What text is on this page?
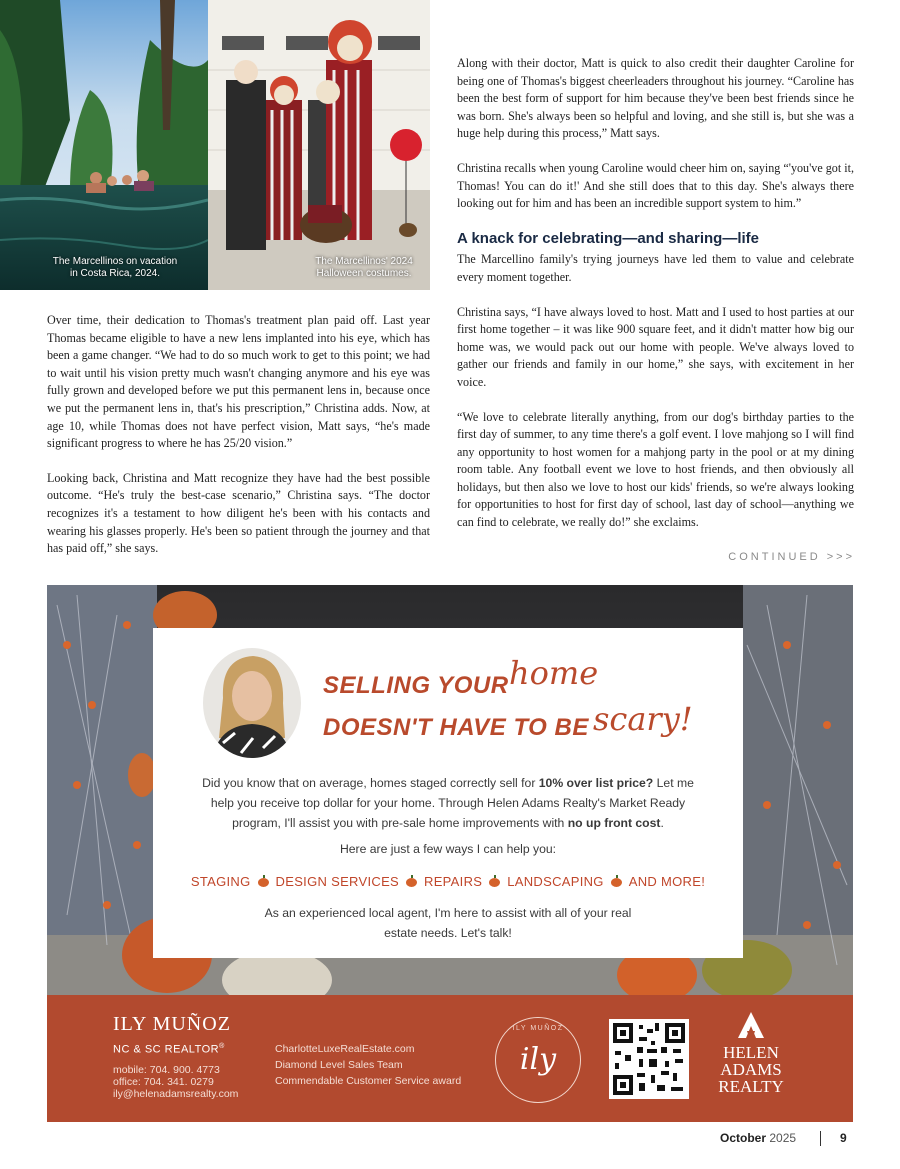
The Marcellinos on vacation
in Costa Rica, 2024.
The Marcellinos' 2024
Halloween costumes.

Over time, their dedication to Thomas's treatment plan paid off. Last year Thomas became eligible to have a new lens implanted into his eye, which has been a game changer. “We had to do so much work to get to this point; we had to wait until his vision pretty much wasn't changing anymore and his eye was fully grown and developed before we put this permanent lens in, because once we put the permanent lens in, that's his prescription,” Christina adds. Now, at age 10, while Thomas does not have perfect vision, Matt says, “he's made significant progress to where he has 25/20 vision.”

Looking back, Christina and Matt recognize they have had the best possible outcome. “He's truly the best-case scenario,” Christina says. “The doctor recognizes it's a testament to how diligent he's been with his contacts and wearing his glasses properly. He's been so patient through the journey and that has paid off,” she says.

Along with their doctor, Matt is quick to also credit their daughter Caroline for being one of Thomas's biggest cheerleaders throughout his journey. “Caroline has been the best form of support for him because they've been best friends since he was born. She's always been so helpful and loving, and she still is, but she was a huge help during this process,” Matt says.

Christina recalls when young Caroline would cheer him on, saying “'you've got it, Thomas! You can do it!' And she still does that to this day. She's always there looking out for him and has been an incredible support system to him.”

A knack for celebrating—and sharing—life

The Marcellino family's trying journeys have led them to value and celebrate every moment together.

Christina says, “I have always loved to host. Matt and I used to host parties at our first home together – it was like 900 square feet, and it didn't matter how big our home was, we would pack out our home with people. We've always loved to gather our friends and family in our home,” she says, with excitement in her voice.

“We love to celebrate literally anything, from our dog's birthday parties to the first day of summer, to any time there's a golf event. I love mahjong so I will find any opportunity to host women for a mahjong party in the pool or at my dining room table. Any football event we love to host friends, and then obviously all holidays, but then also we love to host our kids' friends, so we're always looking for opportunities to host for first day of school, last day of school—anything we can find to celebrate, we really do!” she exclaims.

CONTINUED >>>
SELLING YOUR home
DOESN'T HAVE TO BE scary!
Did you know that on average, homes staged correctly sell for 10% over list price? Let me help you receive top dollar for your home. Through Helen Adams Realty's Market Ready program, I'll assist you with pre-sale home improvements with no up front cost.
Here are just a few ways I can help you:
STAGING DESIGN SERVICES REPAIRS LANDSCAPING AND MORE!
As an experienced local agent, I'm here to assist with all of your real
estate needs. Let's talk!
ILY MUÑOZ
NC & SC REALTOR®
mobile: 704. 900. 4773
office: 704. 341. 0279
ily@helenadamsrealty.com
CharlotteLuxeRealEstate.com
Diamond Level Sales Team
Commendable Customer Service award
ILY MUÑOZ
ily	HELEN
ADAMS
REALTY
October 2025	9
